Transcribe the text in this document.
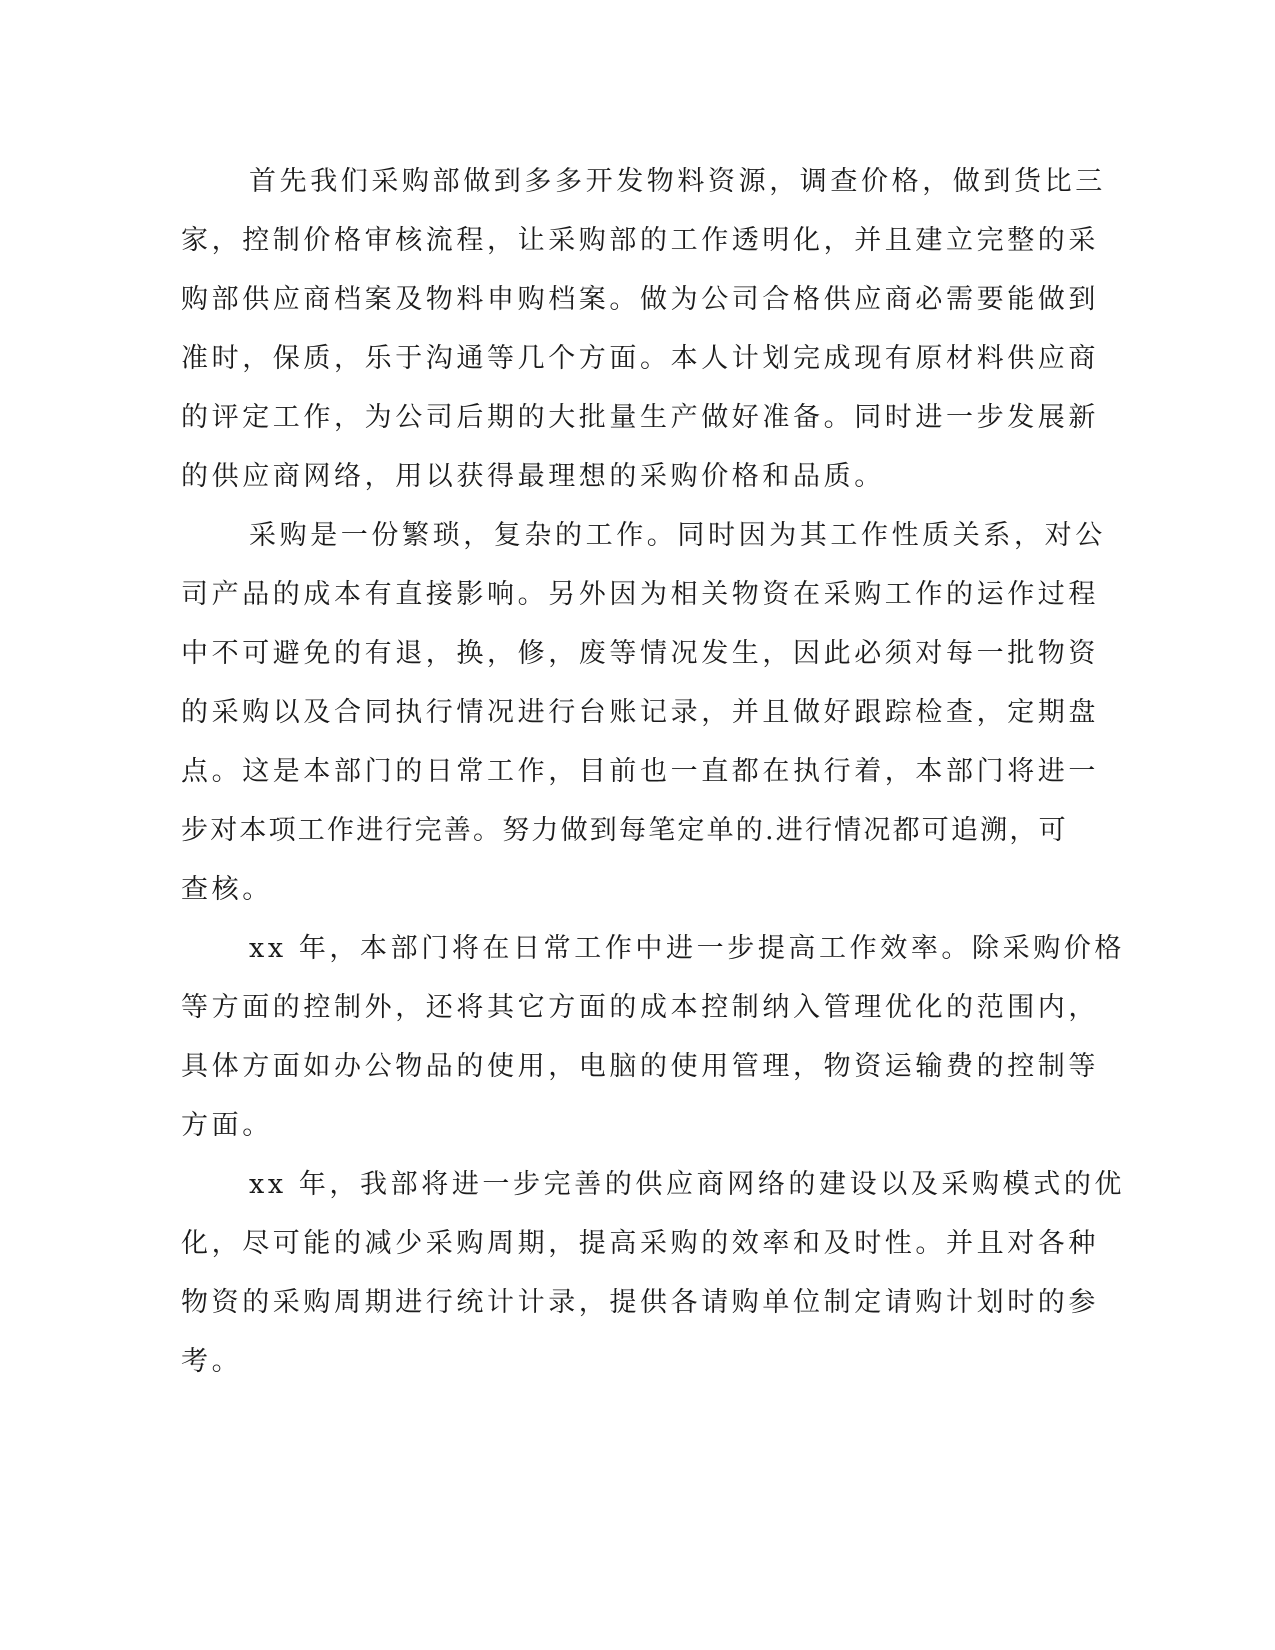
首先我们采购部做到多多开发物料资源，调查价格，做到货比三
家，控制价格审核流程，让采购部的工作透明化，并且建立完整的采
购部供应商档案及物料申购档案。做为公司合格供应商必需要能做到
准时，保质，乐于沟通等几个方面。本人计划完成现有原材料供应商
的评定工作，为公司后期的大批量生产做好准备。同时进一步发展新
的供应商网络，用以获得最理想的采购价格和品质。
采购是一份繁琐，复杂的工作。同时因为其工作性质关系，对公
司产品的成本有直接影响。另外因为相关物资在采购工作的运作过程
中不可避免的有退，换，修，废等情况发生，因此必须对每一批物资
的采购以及合同执行情况进行台账记录，并且做好跟踪检查，定期盘
点。这是本部门的日常工作，目前也一直都在执行着，本部门将进一
步对本项工作进行完善。努力做到每笔定单的.进行情况都可追溯，可
查核。
xx 年，本部门将在日常工作中进一步提高工作效率。除采购价格
等方面的控制外，还将其它方面的成本控制纳入管理优化的范围内，
具体方面如办公物品的使用，电脑的使用管理，物资运输费的控制等
方面。
xx 年，我部将进一步完善的供应商网络的建设以及采购模式的优
化，尽可能的减少采购周期，提高采购的效率和及时性。并且对各种
物资的采购周期进行统计计录，提供各请购单位制定请购计划时的参
考。
